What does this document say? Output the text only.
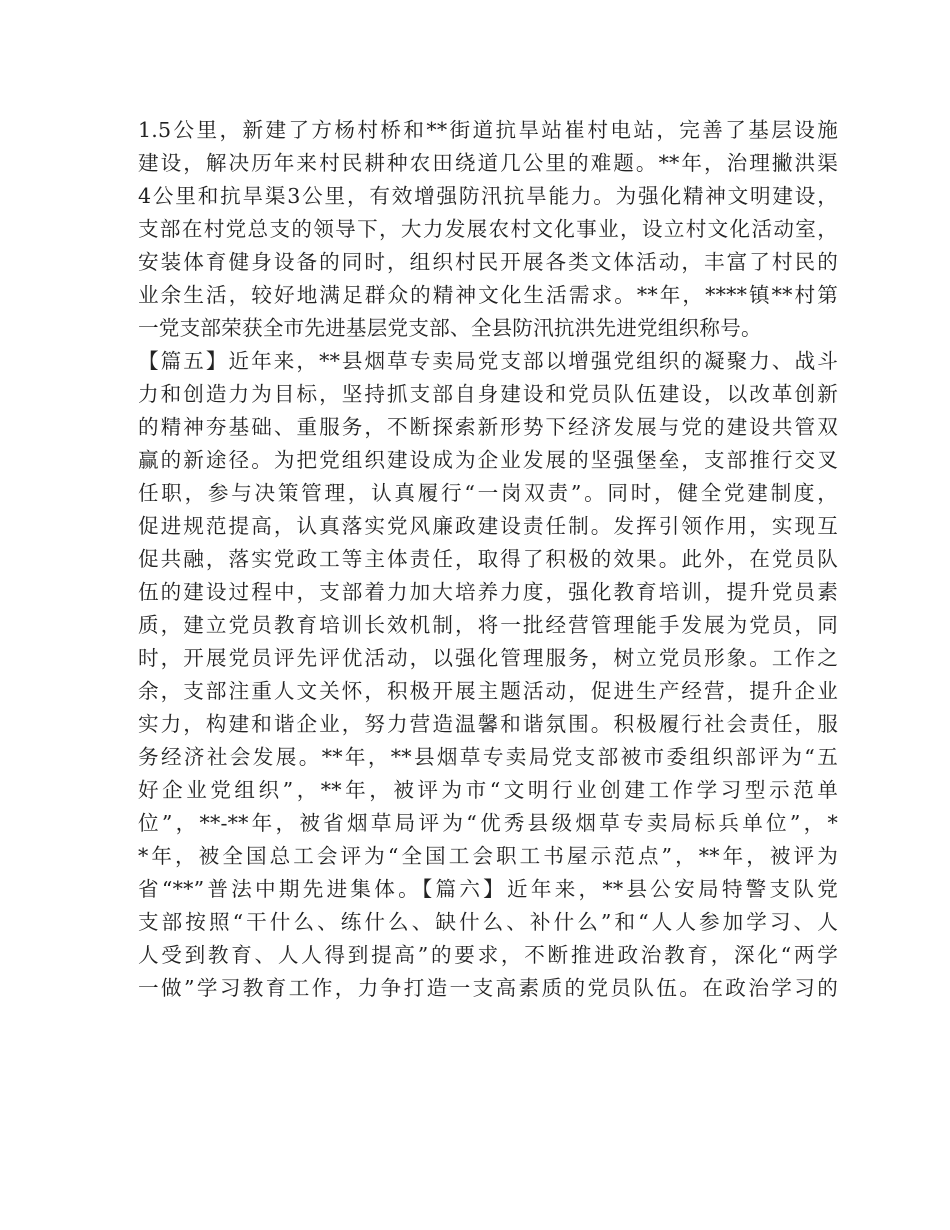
1.5公里，新建了方杨村桥和**街道抗旱站崔村电站，完善了基层设施
建设，解决历年来村民耕种农田绕道几公里的难题。**年，治理撇洪渠
4公里和抗旱渠3公里，有效增强防汛抗旱能力。为强化精神文明建设，
支部在村党总支的领导下，大力发展农村文化事业，设立村文化活动室，
安装体育健身设备的同时，组织村民开展各类文体活动，丰富了村民的
业余生活，较好地满足群众的精神文化生活需求。**年，****镇**村第
一党支部荣获全市先进基层党支部、全县防汛抗洪先进党组织称号。
【篇五】近年来，**县烟草专卖局党支部以增强党组织的凝聚力、战斗
力和创造力为目标，坚持抓支部自身建设和党员队伍建设，以改革创新
的精神夯基础、重服务，不断探索新形势下经济发展与党的建设共管双
赢的新途径。为把党组织建设成为企业发展的坚强堡垒，支部推行交叉
任职，参与决策管理，认真履行“一岗双责”。同时，健全党建制度，
促进规范提高，认真落实党风廉政建设责任制。发挥引领作用，实现互
促共融，落实党政工等主体责任，取得了积极的效果。此外，在党员队
伍的建设过程中，支部着力加大培养力度，强化教育培训，提升党员素
质，建立党员教育培训长效机制，将一批经营管理能手发展为党员，同
时，开展党员评先评优活动，以强化管理服务，树立党员形象。工作之
余，支部注重人文关怀，积极开展主题活动，促进生产经营，提升企业
实力，构建和谐企业，努力营造温馨和谐氛围。积极履行社会责任，服
务经济社会发展。**年，**县烟草专卖局党支部被市委组织部评为“五
好企业党组织”，**年，被评为市“文明行业创建工作学习型示范单
位”，**-**年，被省烟草局评为“优秀县级烟草专卖局标兵单位”，*
*年，被全国总工会评为“全国工会职工书屋示范点”，**年，被评为
省“**”普法中期先进集体。【篇六】近年来，**县公安局特警支队党
支部按照“干什么、练什么、缺什么、补什么”和“人人参加学习、人
人受到教育、人人得到提高”的要求，不断推进政治教育，深化“两学
一做”学习教育工作，力争打造一支高素质的党员队伍。在政治学习的
